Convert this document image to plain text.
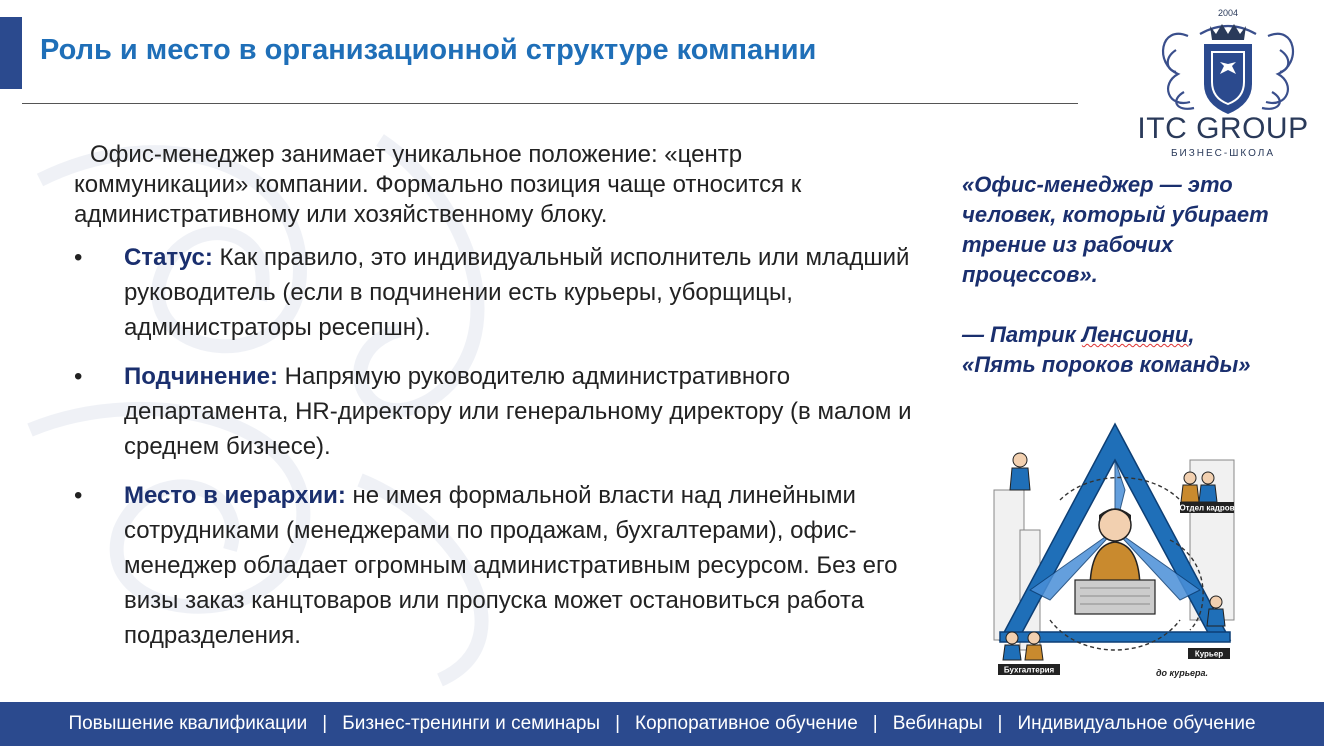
Роль и место в организационной структуре компании
2004
ITC GROUP
БИЗНЕС-ШКОЛА

Офис-менеджер занимает уникальное положение: «центр коммуникации» компании. Формально позиция чаще относится к административному или хозяйственному блоку.

• Статус: Как правило, это индивидуальный исполнитель или младший руководитель (если в подчинении есть курьеры, уборщицы, администраторы ресепшн).
• Подчинение: Напрямую руководителю административного департамента, HR-директору или генеральному директору (в малом и среднем бизнесе).
• Место в иерархии: не имея формальной власти над линейными сотрудниками (менеджерами по продажам, бухгалтерами), офис-менеджер обладает огромным административным ресурсом. Без его визы заказ канцтоваров или пропуска может остановиться работа подразделения.

«Офис-менеджер — это человек, который убирает трение из рабочих процессов».

— Патрик Ленсиони,

«Пять пороков команды»

Отдел кадров
Курьер
Бухгалтерия	до курьера.
Повышение квалификации | Бизнес-тренинги и семинары | Корпоративное обучение | Вебинары | Индивидуальное обучение
